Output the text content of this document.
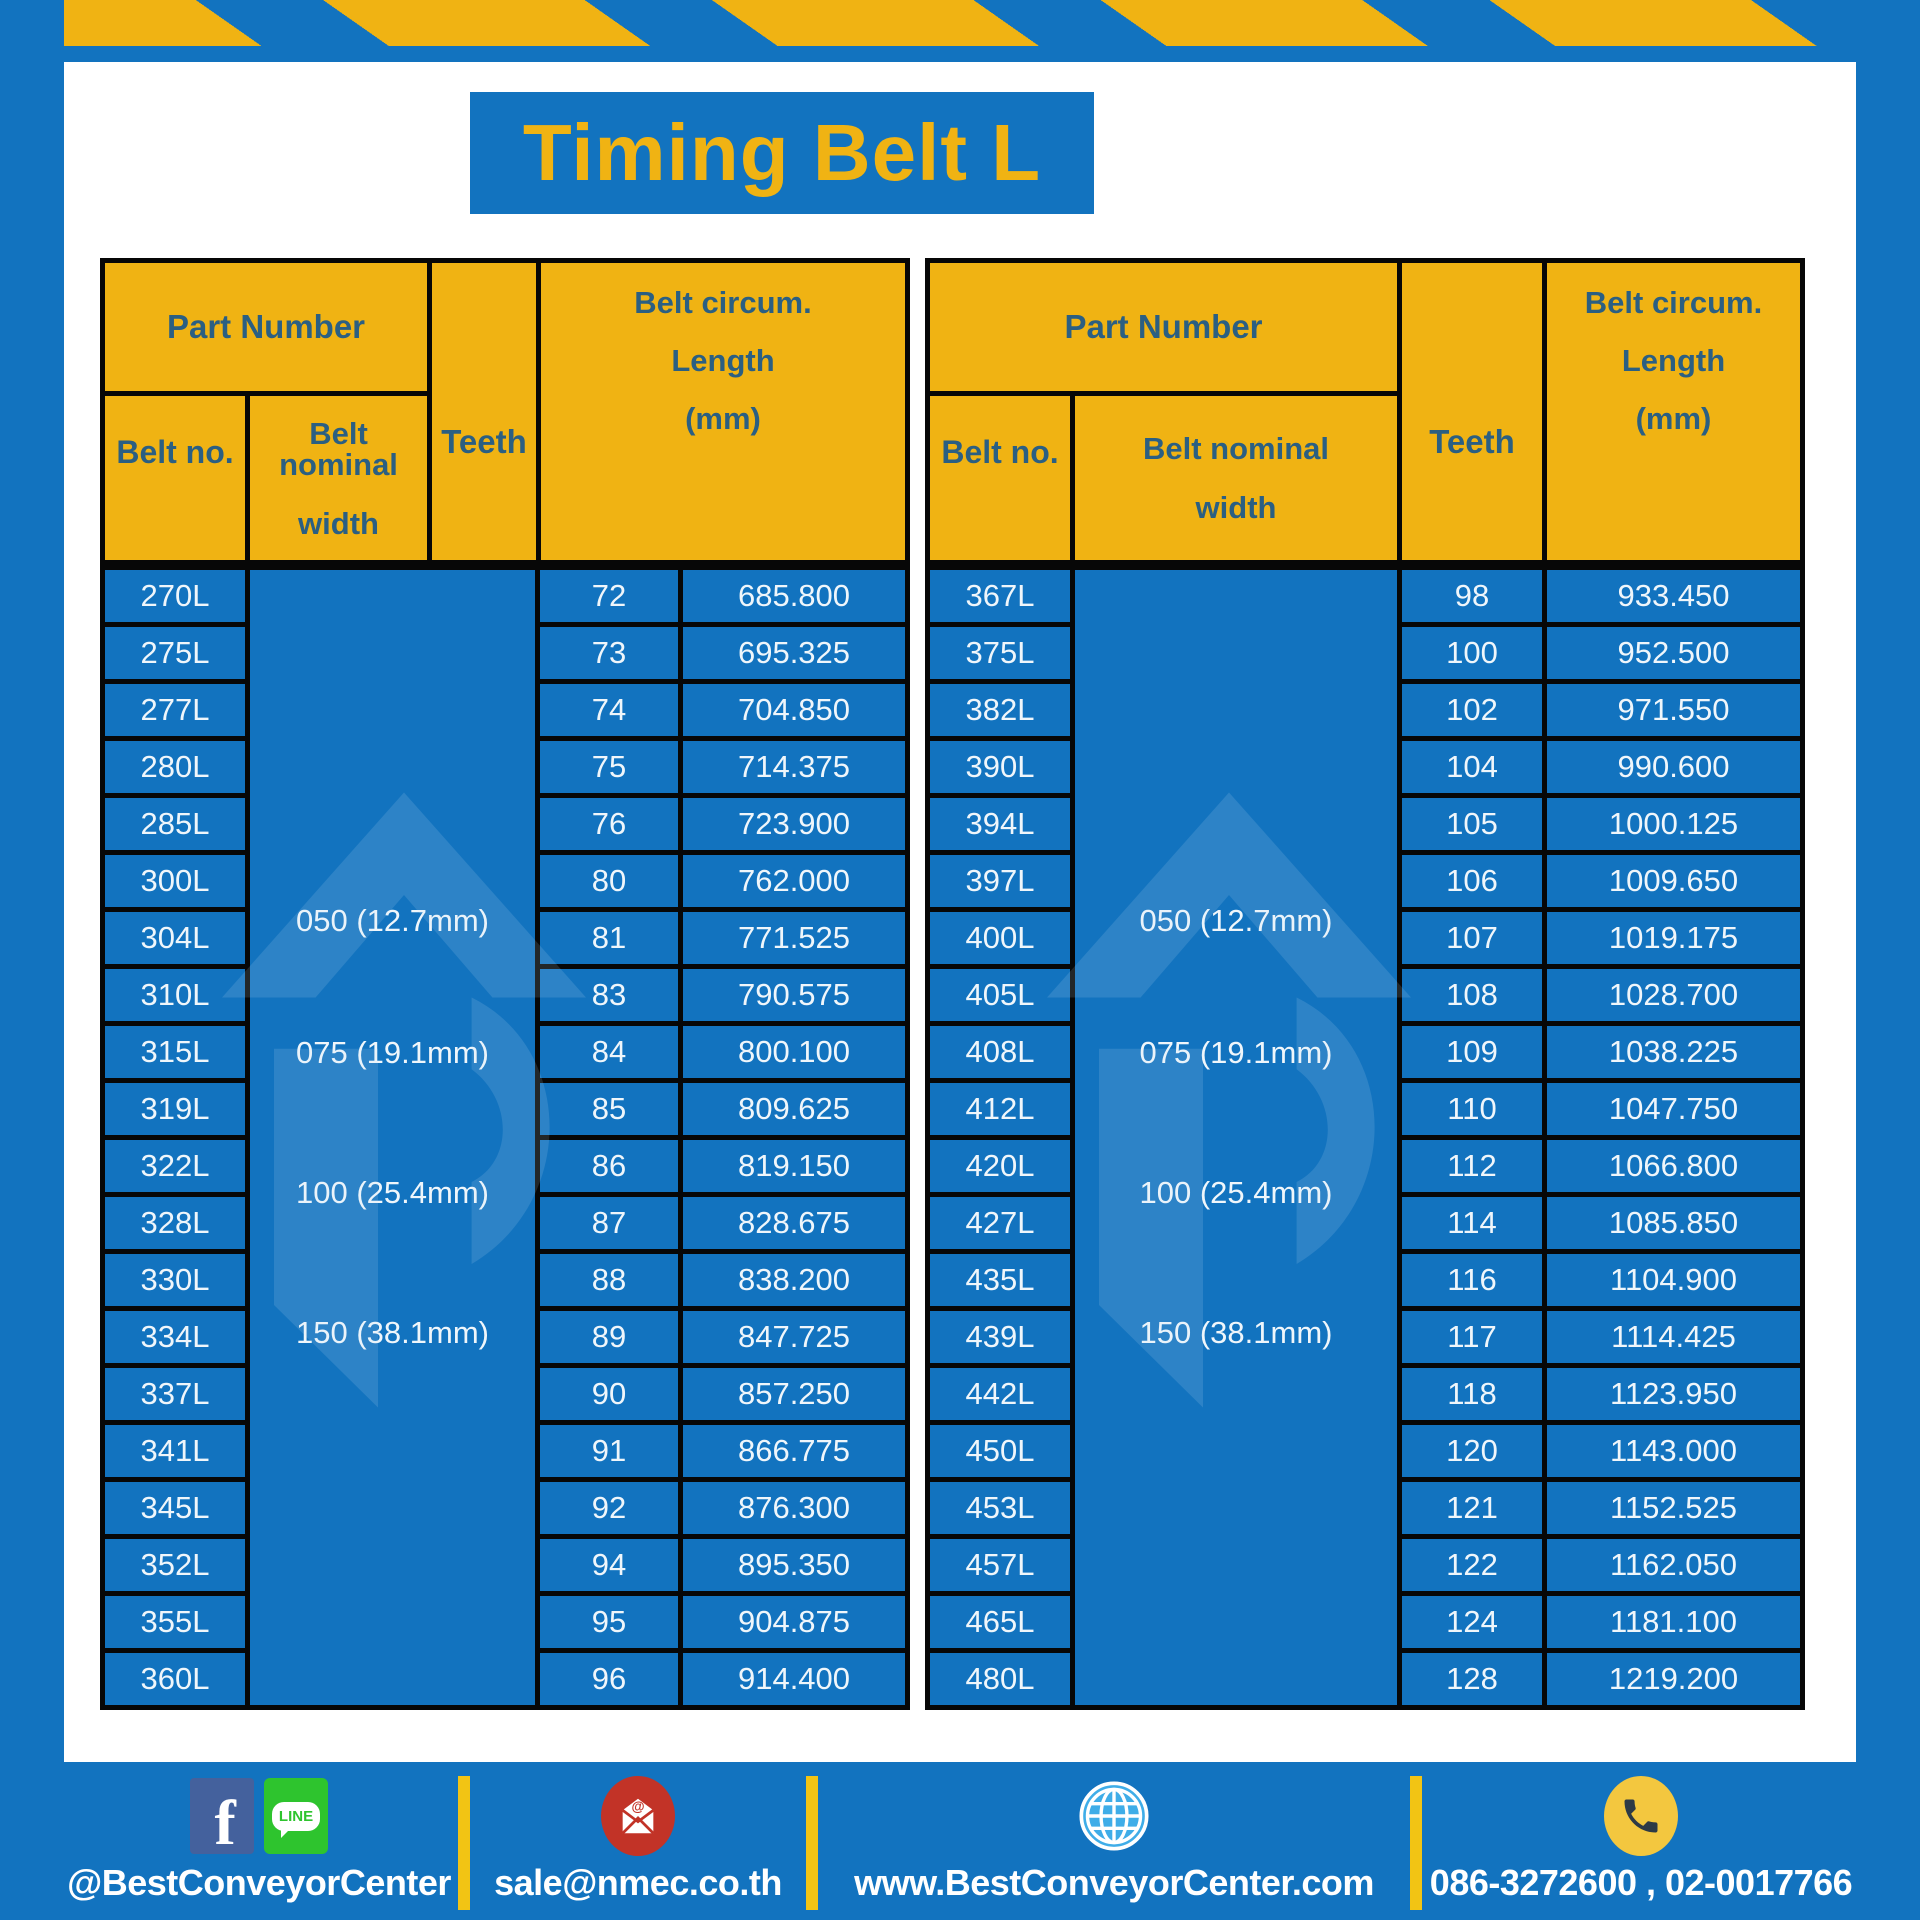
Timing Belt L
Part Number
Belt no.
Belt nominal
width
Teeth
Belt circum.
Length
(mm)
050 (12.7mm)
075 (19.1mm)
100 (25.4mm)
150 (38.1mm)
270L	72	685.800
275L	73	695.325
277L	74	704.850
280L	75	714.375
285L	76	723.900
300L	80	762.000
304L	81	771.525
310L	83	790.575
315L	84	800.100
319L	85	809.625
322L	86	819.150
328L	87	828.675
330L	88	838.200
334L	89	847.725
337L	90	857.250
341L	91	866.775
345L	92	876.300
352L	94	895.350
355L	95	904.875
360L	96	914.400
Part Number
Belt no.	Belt nominal
width
Teeth
Belt circum.
Length
(mm)
050 (12.7mm)
075 (19.1mm)
100 (25.4mm)
150 (38.1mm)
367L	98	933.450
375L	100	952.500
382L	102	971.550
390L	104	990.600
394L	105	1000.125
397L	106	1009.650
400L	107	1019.175
405L	108	1028.700
408L	109	1038.225
412L	110	1047.750
420L	112	1066.800
427L	114	1085.850
435L	116	1104.900
439L	117	1114.425
442L	118	1123.950
450L	120	1143.000
453L	121	1152.525
457L	122	1162.050
465L	124	1181.100
480L	128	1219.200
f	LINE
@BestConveyorCenter
@
sale@nmec.co.th www.BestConveyorCenter.com 086-3272600 , 02-0017766
